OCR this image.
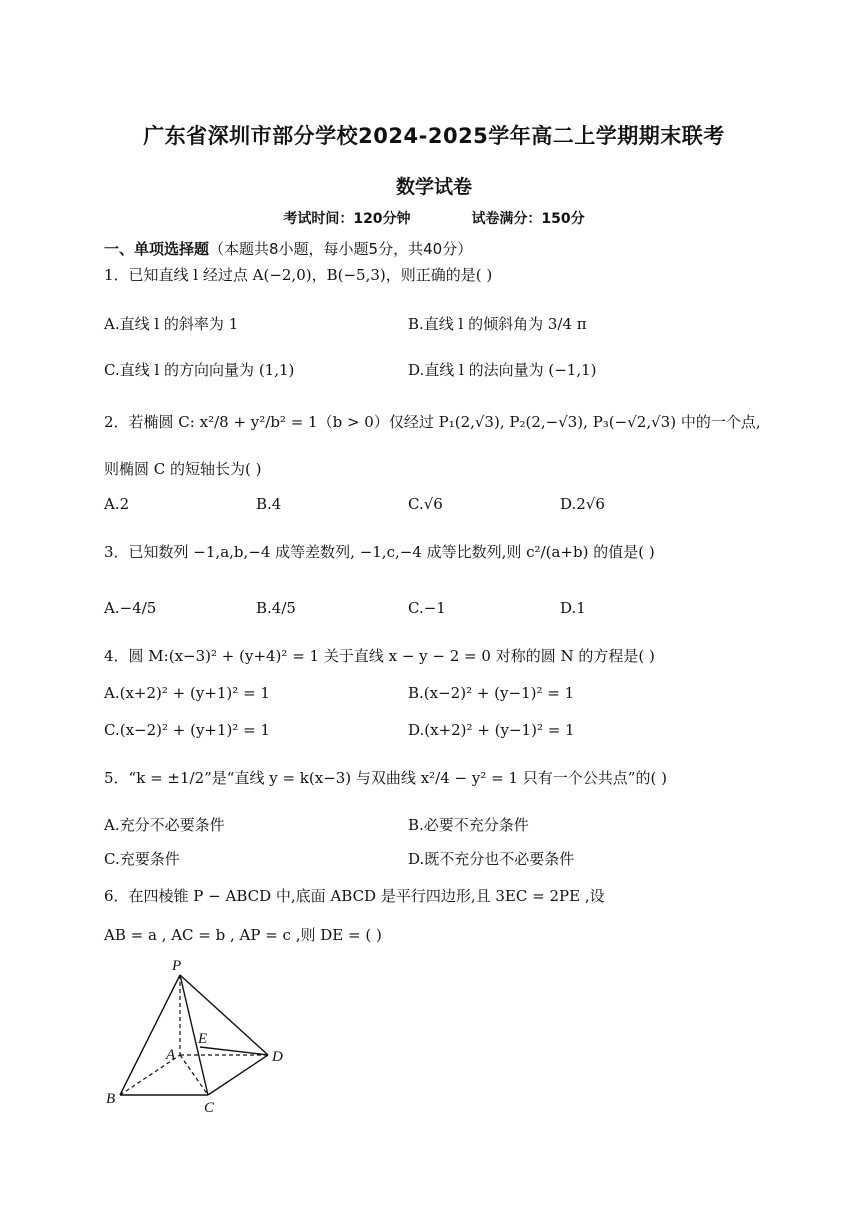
广东省深圳市部分学校2024-2025学年高二上学期期末联考
数学试卷
考试时间：120分钟	试卷满分：150分
一、单项选择题（本题共8小题，每小题5分，共40分）
1．已知直线 l 经过点 A(−2,0)，B(−5,3)，则正确的是( )
A.直线 l 的斜率为 1	B.直线 l 的倾斜角为 3/4 π
C.直线 l 的方向向量为 (1,1)	D.直线 l 的法向量为 (−1,1)
2．若椭圆 C: x²/8 + y²/b² = 1（b > 0）仅经过 P₁(2,√3), P₂(2,−√3), P₃(−√2,√3) 中的一个点,
则椭圆 C 的短轴长为( )
A.2	B.4	C.√6	D.2√6
3．已知数列 −1,a,b,−4 成等差数列, −1,c,−4 成等比数列,则 c²/(a+b) 的值是( )
A.−4/5	B.4/5	C.−1	D.1
4．圆 M:(x−3)² + (y+4)² = 1 关于直线 x − y − 2 = 0 对称的圆 N 的方程是( )
A.(x+2)² + (y+1)² = 1	B.(x−2)² + (y−1)² = 1
C.(x−2)² + (y+1)² = 1	D.(x+2)² + (y−1)² = 1
5．“k = ±1/2”是“直线 y = k(x−3) 与双曲线 x²/4 − y² = 1 只有一个公共点”的( )
A.充分不必要条件	B.必要不充分条件
C.充要条件	D.既不充分也不必要条件
6．在四棱锥 P − ABCD 中,底面 ABCD 是平行四边形,且 3EC = 2PE ,设
AB = a , AC = b , AP = c ,则 DE = ( )
P
A
B
C
D
E
